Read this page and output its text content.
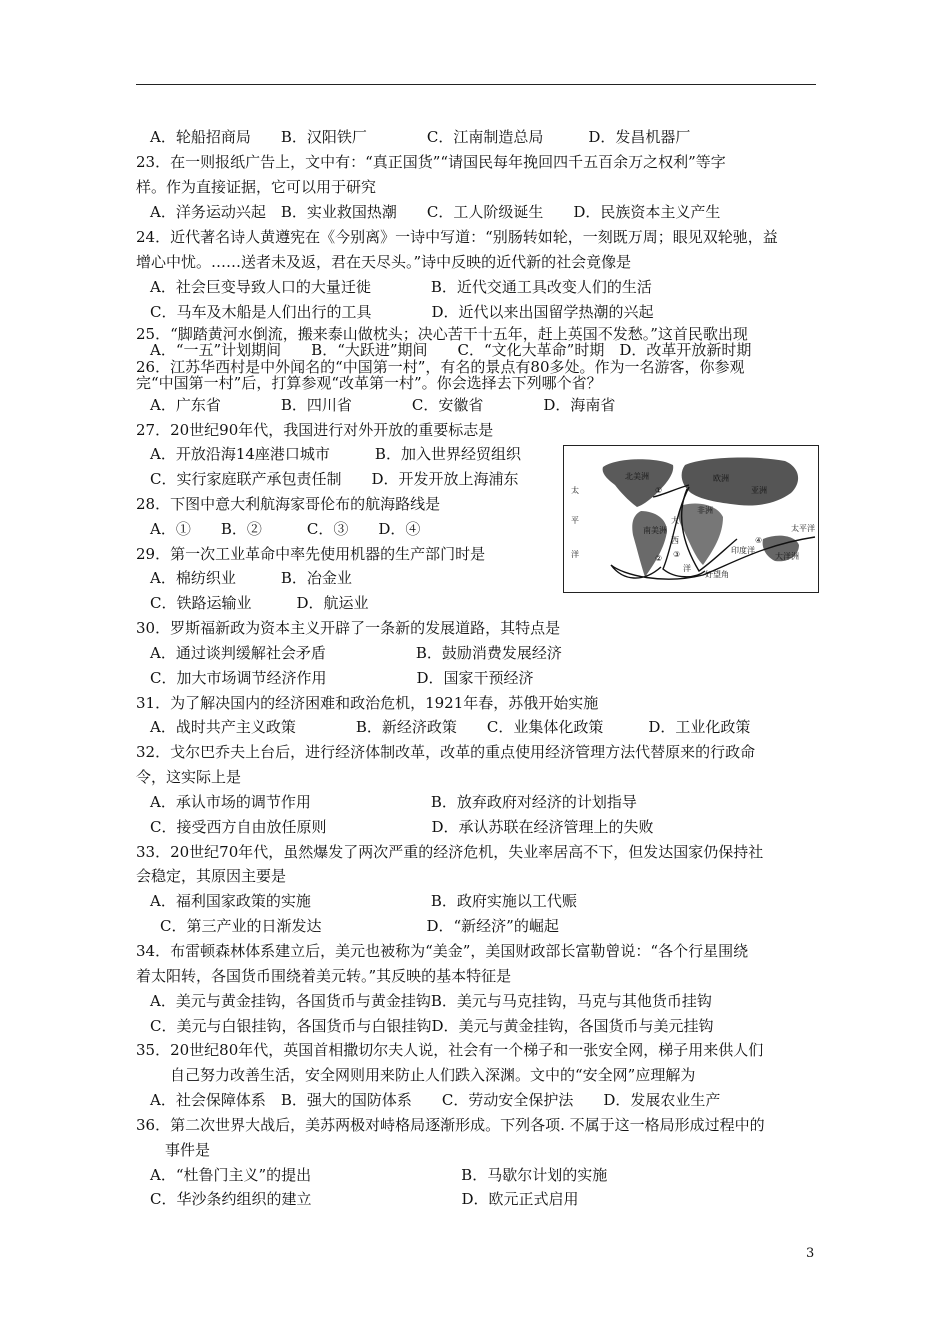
A．轮船招商局　　B．汉阳铁厂　　　　C．江南制造总局　　　D．发昌机器厂
23．在一则报纸广告上，文中有：“真正国货”“请国民每年挽回四千五百余万之权利”等字
样。作为直接证据，它可以用于研究
A．洋务运动兴起　B．实业救国热潮　　C．工人阶级诞生　　D．民族资本主义产生
24．近代著名诗人黄遵宪在《今别离》一诗中写道：“别肠转如轮，一刻既万周；眼见双轮驰，益
增心中忧。……送者未及返，君在天尽头。”诗中反映的近代新的社会竟像是
A．社会巨变导致人口的大量迁徙　　　　B．近代交通工具改变人们的生活
C．马车及木船是人们出行的工具　　　　D．近代以来出国留学热潮的兴起
25．“脚踏黄河水倒流，搬来泰山做枕头；决心苦干十五年，赶上英国不发愁。”这首民歌出现
A．“一五”计划期间　　B．“大跃进”期间　　C．“文化大革命”时期　D．改革开放新时期
26．江苏华西村是中外闻名的“中国第一村”，有名的景点有80多处。作为一名游客，你参观
完“中国第一村”后，打算参观“改革第一村”。你会选择去下列哪个省？
A．广东省　　　　B．四川省　　　　C．安徽省　　　　D．海南省
27．20世纪90年代，我国进行对外开放的重要标志是
A．开放沿海14座港口城市　　　B．加入世界经贸组织
C．实行家庭联产承包责任制　　D．开发开放上海浦东
28．下图中意大利航海家哥伦布的航海路线是
A．①　　B．②　　　C．③　　D．④
29．第一次工业革命中率先使用机器的生产部门时是
A．棉纺织业　　　B．冶金业
C．铁路运输业　　　D．航运业
30．罗斯福新政为资本主义开辟了一条新的发展道路，其特点是
A．通过谈判缓解社会矛盾　　　　　　B．鼓励消费发展经济
C．加大市场调节经济作用　　　　　　D．国家干预经济
31．为了解决国内的经济困难和政治危机，1921年春，苏俄开始实施
A．战时共产主义政策　　　　B．新经济政策　　C．业集体化政策　　　D．工业化政策
32．戈尔巴乔夫上台后，进行经济体制改革，改革的重点使用经济管理方法代替原来的行政命
令，这实际上是
A．承认市场的调节作用　　　　　　　　B．放弃政府对经济的计划指导
C．接受西方自由放任原则　　　　　　　D．承认苏联在经济管理上的失败
33．20世纪70年代，虽然爆发了两次严重的经济危机，失业率居高不下，但发达国家仍保持社
会稳定，其原因主要是
A．福利国家政策的实施　　　　　　　　B．政府实施以工代赈
C．第三产业的日渐发达　　　　　　　D．“新经济”的崛起
34．布雷顿森林体系建立后，美元也被称为“美金”，美国财政部长富勒曾说：“各个行星围绕
着太阳转，各国货币围绕着美元转。”其反映的基本特征是
A．美元与黄金挂钩，各国货币与黄金挂钩B．美元与马克挂钩，马克与其他货币挂钩
C．美元与白银挂钩，各国货币与白银挂钩D．美元与黄金挂钩，各国货币与美元挂钩
35．20世纪80年代，英国首相撒切尔夫人说，社会有一个梯子和一张安全网，梯子用来供人们
自己努力改善生活，安全网则用来防止人们跌入深渊。文中的“安全网”应理解为
A．社会保障体系　B．强大的国防体系　　C．劳动安全保护法　　D．发展农业生产
36．第二次世界大战后，美苏两极对峙格局逐渐形成。下列各项. 不属于这一格局形成过程中的
事件是
A．“杜鲁门主义”的提出　　　　　　　　　　B．马歇尔计划的实施
C．华沙条约组织的建立　　　　　　　　　　D．欧元正式启用
北美洲	欧洲
亚洲
太
平
洋
大
西
洋
非洲
南美洲
印度洋
太平洋
大洋洲
好望角
①
② ③
④
3
